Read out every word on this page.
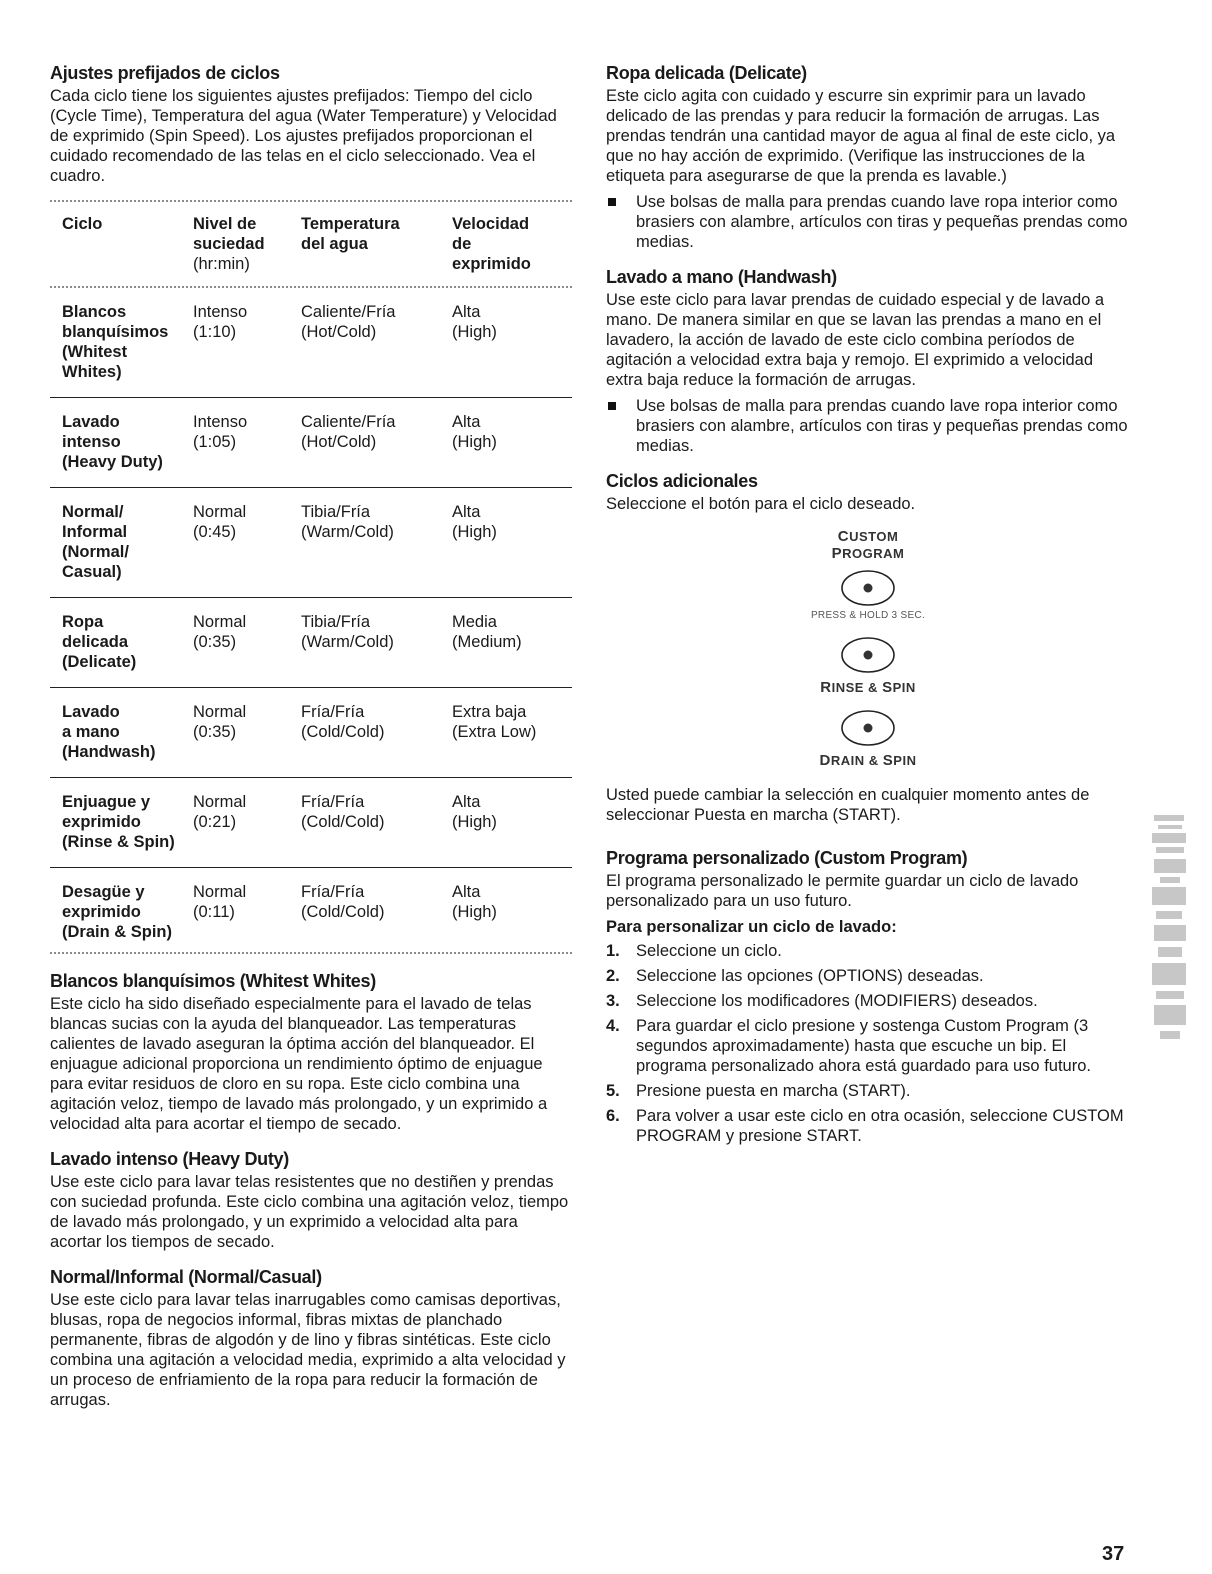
Ajustes prefijados de ciclos

Cada ciclo tiene los siguientes ajustes prefijados: Tiempo del ciclo (Cycle Time), Temperatura del agua (Water Temperature) y Velocidad de exprimido (Spin Speed). Los ajustes prefijados proporcionan el cuidado recomendado de las telas en el ciclo seleccionado. Vea el cuadro.

Ciclo	Nivel de
suciedad
(hr:min)
Temperatura
del agua
Velocidad
de
exprimido
Blancos
blanquísimos
(Whitest
Whites)
Intenso
(1:10)
Caliente/Fría
(Hot/Cold)
Alta
(High)
Lavado
intenso
(Heavy Duty)
Intenso
(1:05)
Caliente/Fría
(Hot/Cold)
Alta
(High)
Normal/
Informal
(Normal/
Casual)
Normal
(0:45)
Tibia/Fría
(Warm/Cold)
Alta
(High)
Ropa
delicada
(Delicate)
Normal
(0:35)
Tibia/Fría
(Warm/Cold)
Media
(Medium)
Lavado
a mano
(Handwash)
Normal
(0:35)
Fría/Fría
(Cold/Cold)
Extra baja
(Extra Low)
Enjuague y
exprimido
(Rinse & Spin)
Normal
(0:21)
Fría/Fría
(Cold/Cold)
Alta
(High)
Desagüe y
exprimido
(Drain & Spin)
Normal
(0:11)
Fría/Fría
(Cold/Cold)
Alta
(High)
Blancos blanquísimos (Whitest Whites)

Este ciclo ha sido diseñado especialmente para el lavado de telas blancas sucias con la ayuda del blanqueador. Las temperaturas calientes de lavado aseguran la óptima acción del blanqueador. El enjuague adicional proporciona un rendimiento óptimo de enjuague para evitar residuos de cloro en su ropa. Este ciclo combina una agitación veloz, tiempo de lavado más prolongado, y un exprimido a velocidad alta para acortar el tiempo de secado.

Lavado intenso (Heavy Duty)

Use este ciclo para lavar telas resistentes que no destiñen y prendas con suciedad profunda. Este ciclo combina una agitación veloz, tiempo de lavado más prolongado, y un exprimido a velocidad alta para acortar los tiempos de secado.

Normal/Informal (Normal/Casual)

Use este ciclo para lavar telas inarrugables como camisas deportivas, blusas, ropa de negocios informal, fibras mixtas de planchado permanente, fibras de algodón y de lino y fibras sintéticas. Este ciclo combina una agitación a velocidad media, exprimido a alta velocidad y un proceso de enfriamiento de la ropa para reducir la formación de arrugas.

Ropa delicada (Delicate)

Este ciclo agita con cuidado y escurre sin exprimir para un lavado delicado de las prendas y para reducir la formación de arrugas. Las prendas tendrán una cantidad mayor de agua al final de este ciclo, ya que no hay acción de exprimido. (Verifique las instrucciones de la etiqueta para asegurarse de que la prenda es lavable.)

Use bolsas de malla para prendas cuando lave ropa interior como brasiers con alambre, artículos con tiras y pequeñas prendas como medias.
Lavado a mano (Handwash)

Use este ciclo para lavar prendas de cuidado especial y de lavado a mano. De manera similar en que se lavan las prendas a mano en el lavadero, la acción de lavado de este ciclo combina períodos de agitación a velocidad extra baja y remojo. El exprimido a velocidad extra baja reduce la formación de arrugas.

Use bolsas de malla para prendas cuando lave ropa interior como brasiers con alambre, artículos con tiras y pequeñas prendas como medias.
Ciclos adicionales

Seleccione el botón para el ciclo deseado.

CUSTOM
PROGRAM
PRESS & HOLD 3 SEC.
RINSE & SPIN
DRAIN & SPIN

Usted puede cambiar la selección en cualquier momento antes de seleccionar Puesta en marcha (START).

Programa personalizado (Custom Program)

El programa personalizado le permite guardar un ciclo de lavado personalizado para un uso futuro.

Para personalizar un ciclo de lavado:
1. Seleccione un ciclo.
2. Seleccione las opciones (OPTIONS) deseadas.
3. Seleccione los modificadores (MODIFIERS) deseados.
4. Para guardar el ciclo presione y sostenga Custom Program (3 segundos aproximadamente) hasta que escuche un bip. El programa personalizado ahora está guardado para uso futuro.
5. Presione puesta en marcha (START).
6. Para volver a usar este ciclo en otra ocasión, seleccione CUSTOM PROGRAM y presione START.
37
